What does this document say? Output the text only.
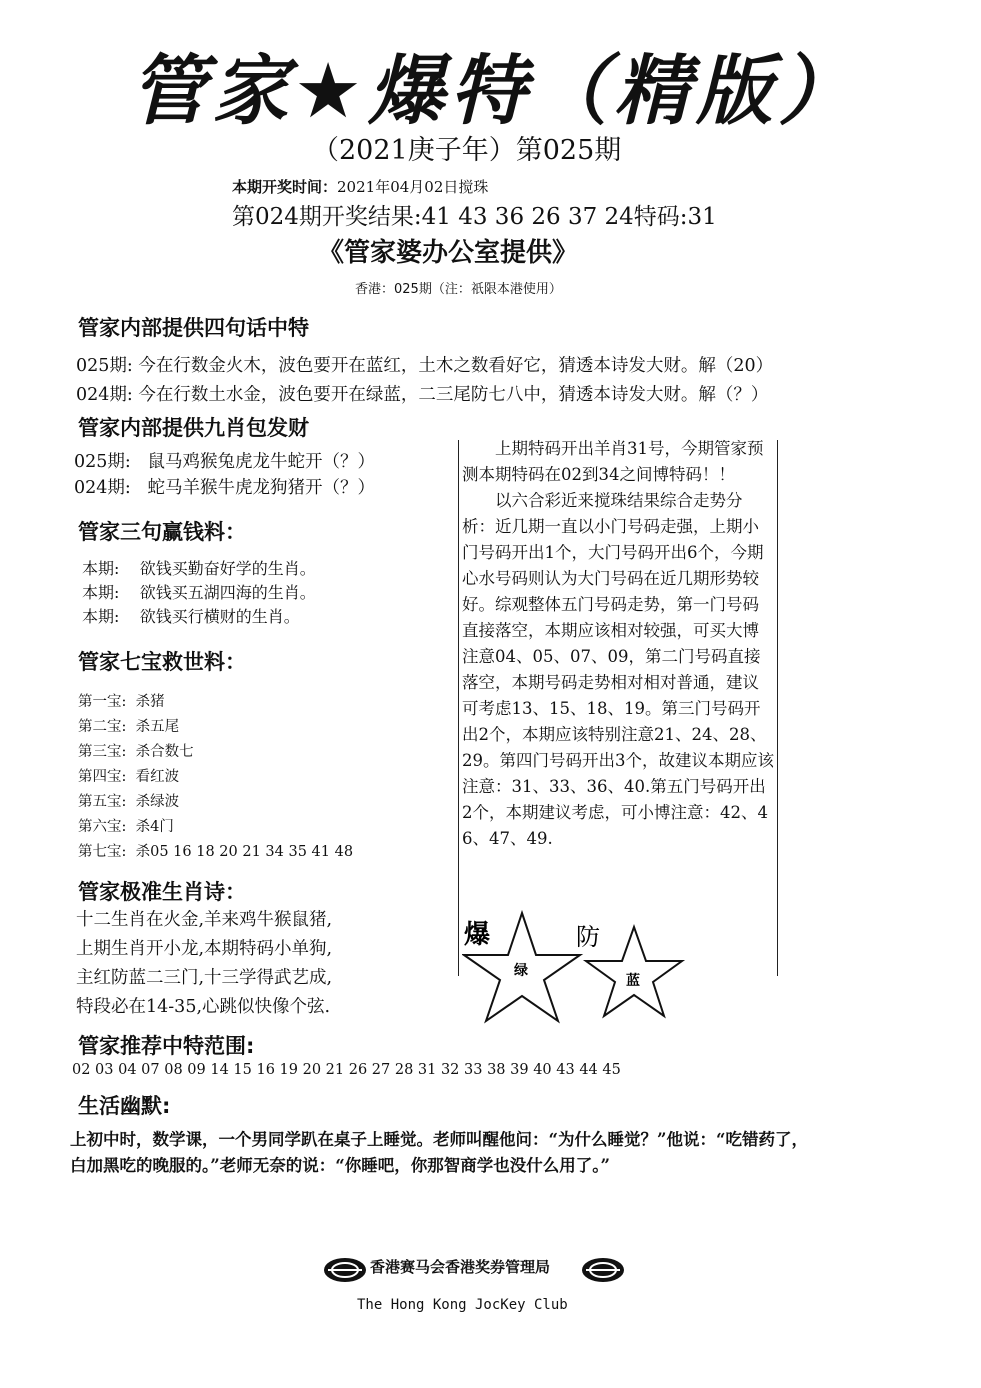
管家★爆特（精版）
（2021庚子年）第025期
本期开奖时间：2021年04月02日搅珠
第024期开奖结果:41 43 36 26 37 24特码:31
《管家婆办公室提供》
香港：025期（注：祇限本港使用）
管家内部提供四句话中特
025期: 今在行数金火木，波色要开在蓝红，土木之数看好它，猜透本诗发大财。解（20）
024期: 今在行数土水金，波色要开在绿蓝，二三尾防七八中，猜透本诗发大财。解（？）
管家内部提供九肖包发财
025期: 鼠马鸡猴兔虎龙牛蛇开（？）
024期: 蛇马羊猴牛虎龙狗猪开（？）
管家三句赢钱料：
本期: 欲钱买勤奋好学的生肖。
本期: 欲钱买五湖四海的生肖。
本期: 欲钱买行横财的生肖。
管家七宝救世料：
第一宝: 杀猪
第二宝: 杀五尾
第三宝: 杀合数七
第四宝: 看红波
第五宝: 杀绿波
第六宝: 杀4门
第七宝: 杀05 16 18 20 21 34 35 41 48
管家极准生肖诗：
十二生肖在火金,羊来鸡牛猴鼠猪,
上期生肖开小龙,本期特码小单狗,
主红防蓝二三门,十三学得武艺成,
特段必在14-35,心跳似快像个弦.

上期特码开出羊肖31号，今期管家预测本期特码在02到34之间博特码！！

以六合彩近来搅珠结果综合走势分析：近几期一直以小门号码走强，上期小门号码开出1个，大门号码开出6个，今期心水号码则认为大门号码在近几期形势较好。综观整体五门号码走势，第一门号码直接落空，本期应该相对较强，可买大博注意04、05、07、09，第二门号码直接落空，本期号码走势相对相对普通，建议可考虑13、15、18、19。第三门号码开出2个，本期应该特别注意21、24、28、29。第四门号码开出3个，故建议本期应该注意：31、33、36、40.第五门号码开出2个，本期建议考虑，可小博注意：42、46、47、49.

爆
绿
防
蓝
管家推荐中特范围:
02 03 04 07 08 09 14 15 16 19 20 21 26 27 28 31 32 33 38 39 40 43 44 45
生活幽默:
上初中时，数学课，一个男同学趴在桌子上睡觉。老师叫醒他问：“为什么睡觉？”他说：“吃错药了，
白加黑吃的晚服的。”老师无奈的说：“你睡吧，你那智商学也没什么用了。”
香港赛马会香港奖券管理局
The Hong Kong JocKey Club
